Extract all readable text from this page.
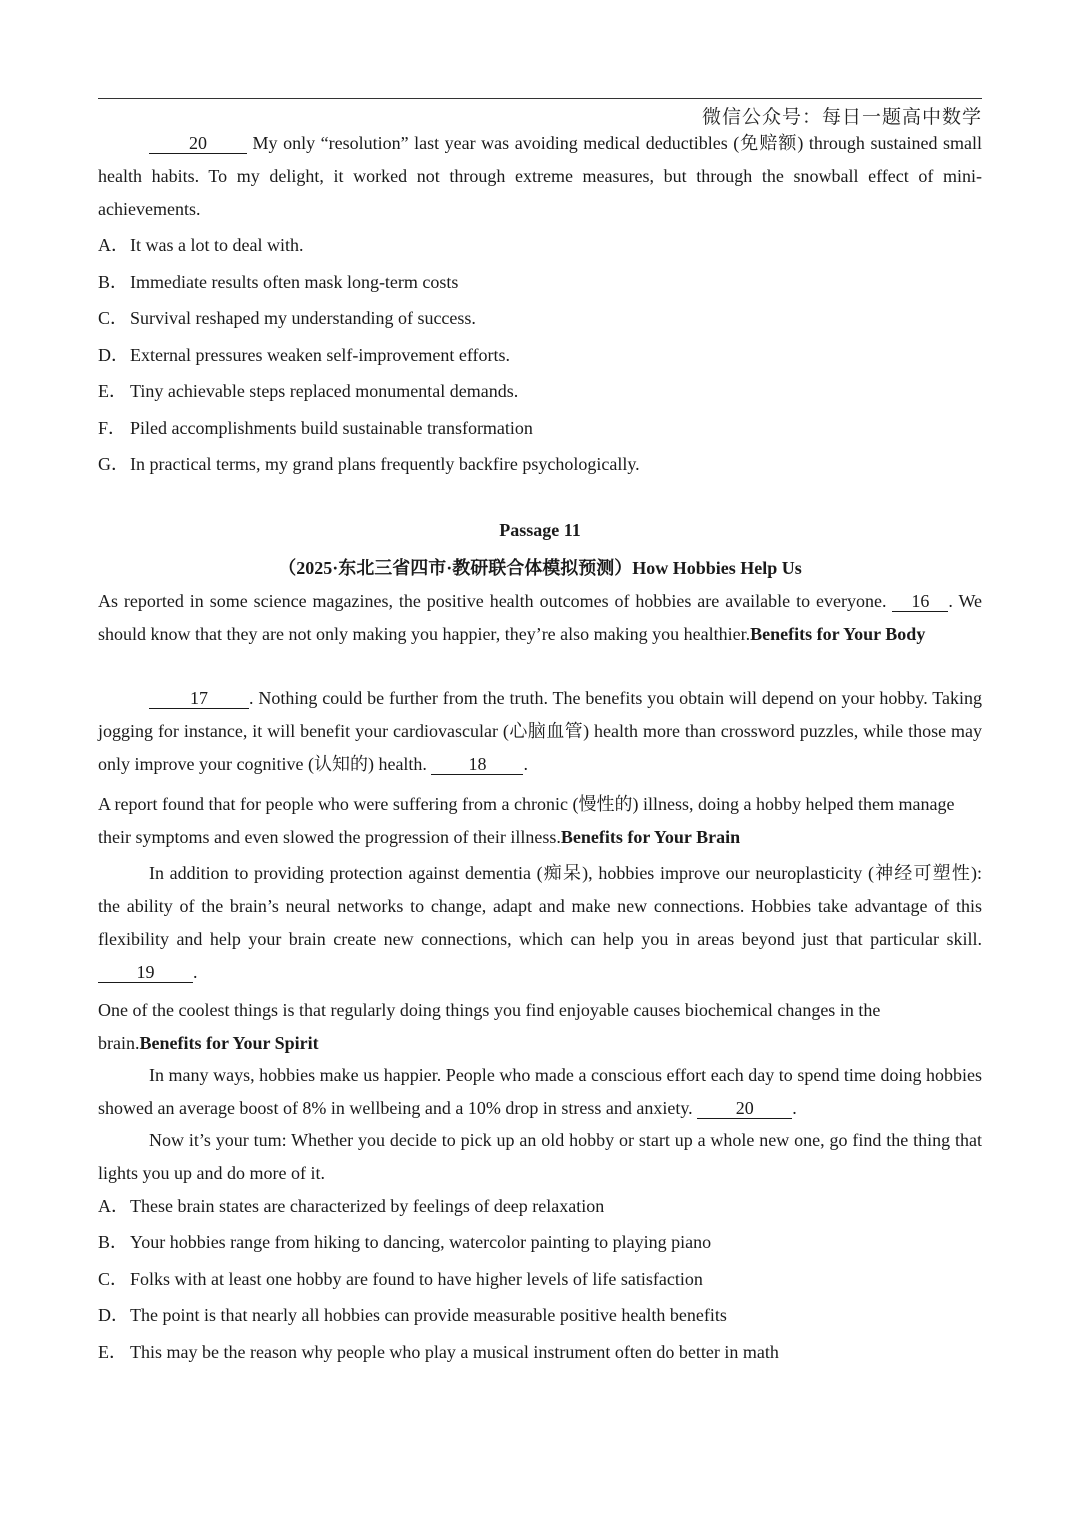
微信公众号：每日一题高中数学
20 My only “resolution” last year was avoiding medical deductibles (免赔额) through sustained small health habits. To my delight, it worked not through extreme measures, but through the snowball effect of mini-achievements.
A．It was a lot to deal with.
B． Immediate results often mask long-term costs
C． Survival reshaped my understanding of success.
D．External pressures weaken self-improvement efforts.
E． Tiny achievable steps replaced monumental demands.
F． Piled accomplishments build sustainable transformation
G．In practical terms, my grand plans frequently backfire psychologically.
Passage 11
（2025·东北三省四市·教研联合体模拟预测）How Hobbies Help Us
As reported in some science magazines, the positive health outcomes of hobbies are available to everyone. 16 . We should know that they are not only making you happier, they’re also making you healthier.Benefits for Your Body
17 . Nothing could be further from the truth. The benefits you obtain will depend on your hobby. Taking jogging for instance, it will benefit your cardiovascular (心脑血管) health more than crossword puzzles, while those may only improve your cognitive (认知的) health. 18 .
A report found that for people who were suffering from a chronic (慢性的) illness, doing a hobby helped them manage their symptoms and even slowed the progression of their illness.Benefits for Your Brain
In addition to providing protection against dementia (痴呆), hobbies improve our neuroplasticity (神经可塑性): the ability of the brain’s neural networks to change, adapt and make new connections. Hobbies take advantage of this flexibility and help your brain create new connections, which can help you in areas beyond just that particular skill. 19 .
One of the coolest things is that regularly doing things you find enjoyable causes biochemical changes in the brain.Benefits for Your Spirit
In many ways, hobbies make us happier. People who made a conscious effort each day to spend time doing hobbies showed an average boost of 8% in wellbeing and a 10% drop in stress and anxiety. 20 .
Now it’s your tum: Whether you decide to pick up an old hobby or start up a whole new one, go find the thing that lights you up and do more of it.
A．These brain states are characterized by feelings of deep relaxation
B． Your hobbies range from hiking to dancing, watercolor painting to playing piano
C． Folks with at least one hobby are found to have higher levels of life satisfaction
D．The point is that nearly all hobbies can provide measurable positive health benefits
E． This may be the reason why people who play a musical instrument often do better in math
